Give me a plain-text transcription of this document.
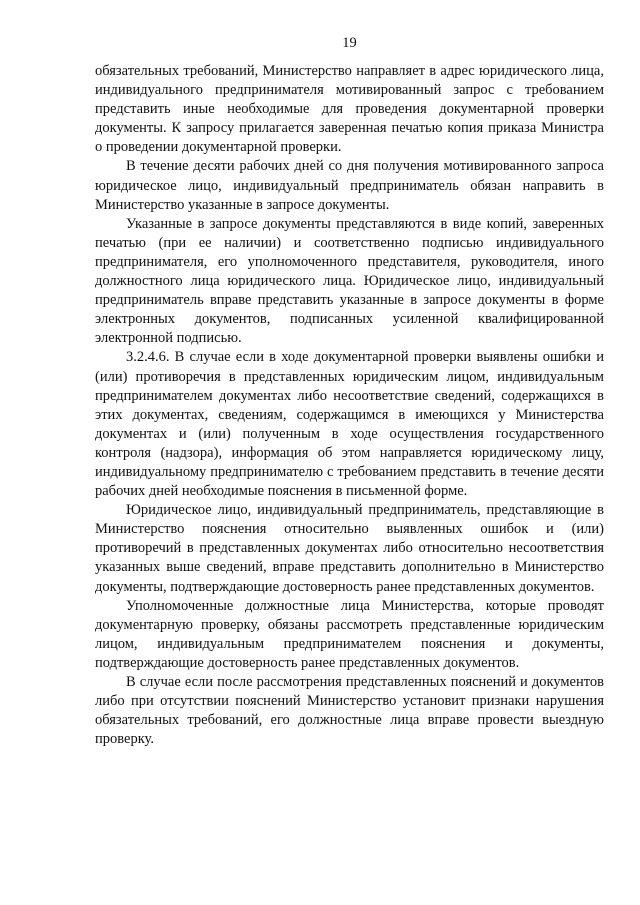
19

обязательных требований, Министерство направляет в адрес юридического лица, индивидуального предпринимателя мотивированный запрос с требованием представить иные необходимые для проведения документарной проверки документы. К запросу прилагается заверенная печатью копия приказа Министра о проведении документарной проверки.

В течение десяти рабочих дней со дня получения мотивированного запроса юридическое лицо, индивидуальный предприниматель обязан направить в Министерство указанные в запросе документы.

Указанные в запросе документы представляются в виде копий, заверенных печатью (при ее наличии) и соответственно подписью индивидуального предпринимателя, его уполномоченного представителя, руководителя, иного должностного лица юридического лица. Юридическое лицо, индивидуальный предприниматель вправе представить указанные в запросе документы в форме электронных документов, подписанных усиленной квалифицированной электронной подписью.

3.2.4.6. В случае если в ходе документарной проверки выявлены ошибки и (или) противоречия в представленных юридическим лицом, индивидуальным предпринимателем документах либо несоответствие сведений, содержащихся в этих документах, сведениям, содержащимся в имеющихся у Министерства документах и (или) полученным в ходе осуществления государственного контроля (надзора), информация об этом направляется юридическому лицу, индивидуальному предпринимателю с требованием представить в течение десяти рабочих дней необходимые пояснения в письменной форме.

Юридическое лицо, индивидуальный предприниматель, представляющие в Министерство пояснения относительно выявленных ошибок и (или) противоречий в представленных документах либо относительно несоответствия указанных выше сведений, вправе представить дополнительно в Министерство документы, подтверждающие достоверность ранее представленных документов.

Уполномоченные должностные лица Министерства, которые проводят документарную проверку, обязаны рассмотреть представленные юридическим лицом, индивидуальным предпринимателем пояснения и документы, подтверждающие достоверность ранее представленных документов.

В случае если после рассмотрения представленных пояснений и документов либо при отсутствии пояснений Министерство установит признаки нарушения обязательных требований, его должностные лица вправе провести выездную проверку.
